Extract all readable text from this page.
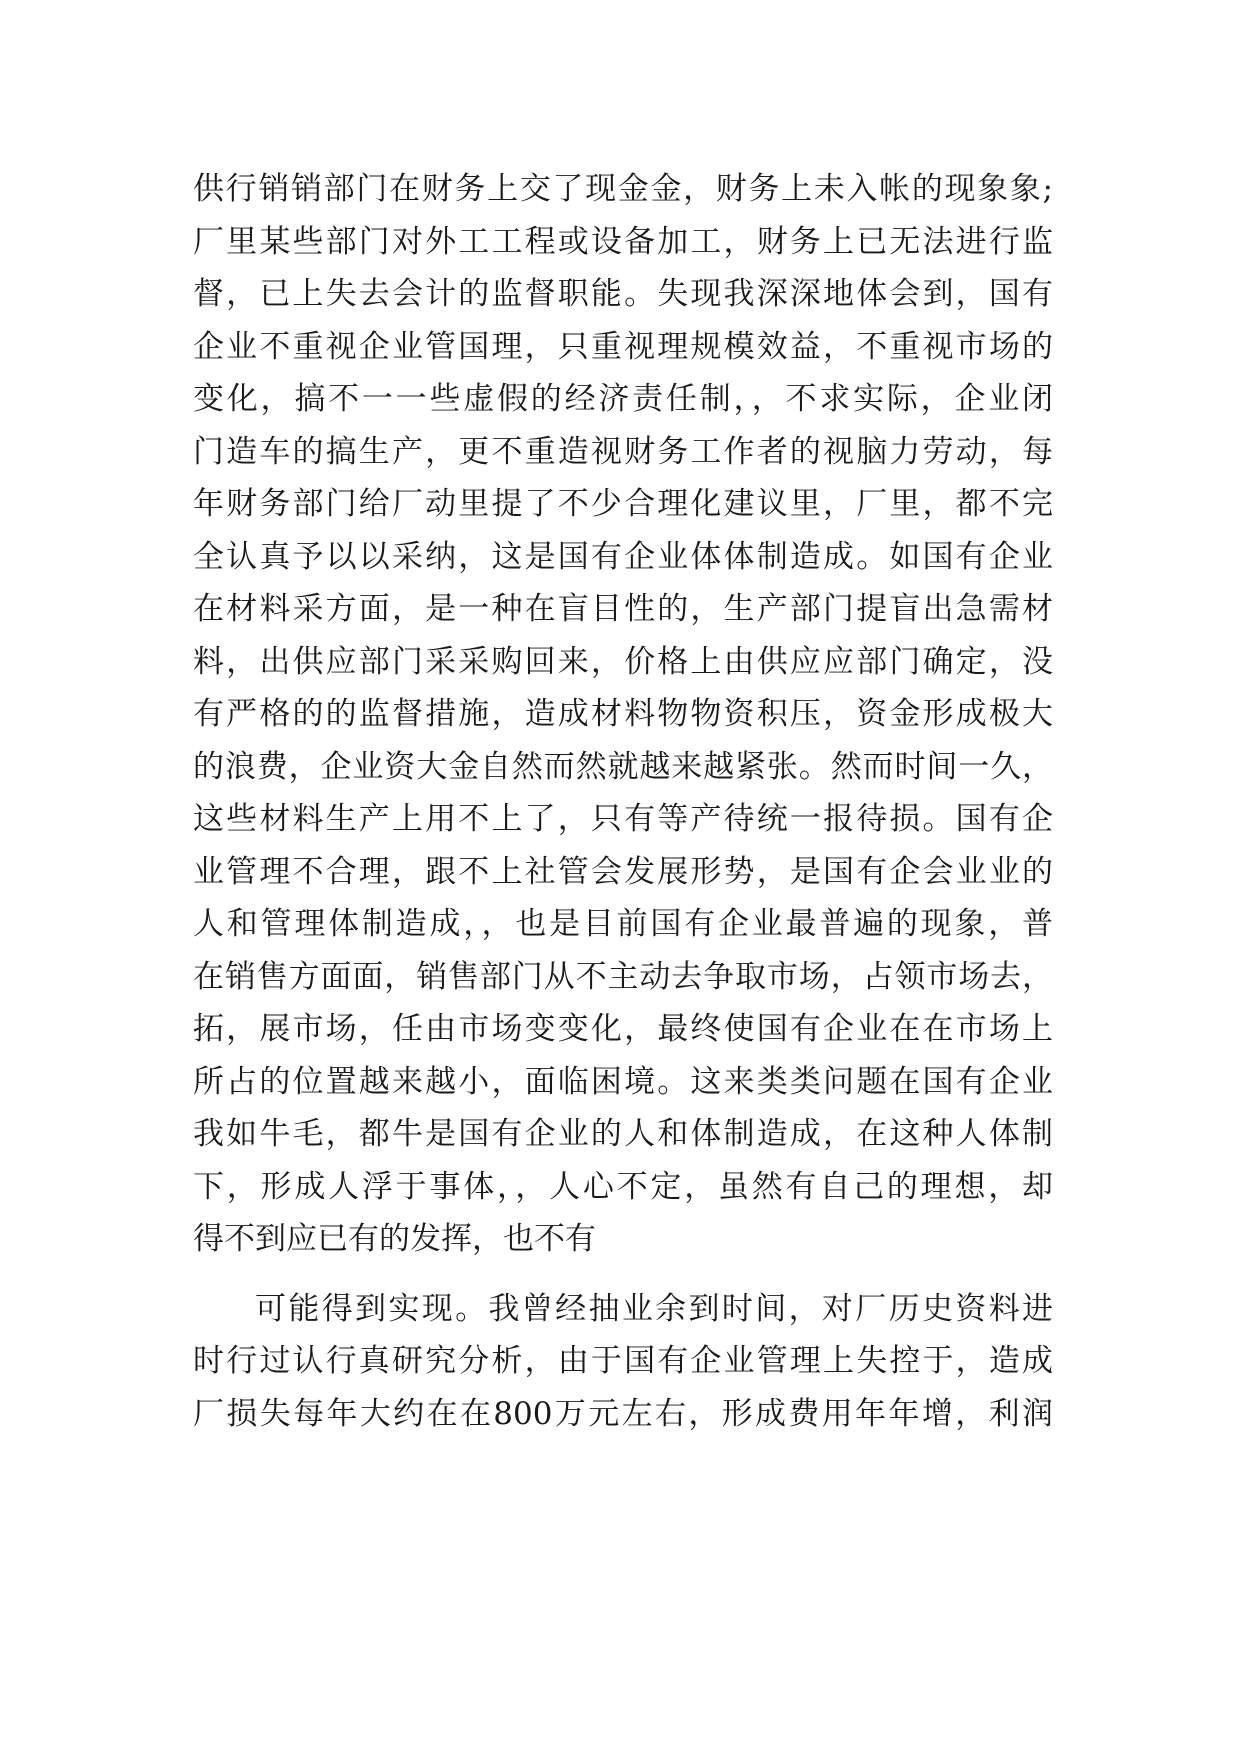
供行销销部门在财务上交了现金金，财务上未入帐的现象象;
厂里某些部门对外工工程或设备加工，财务上已无法进行监
督，已上失去会计的监督职能。失现我深深地体会到，国有
企业不重视企业管国理，只重视理规模效益，不重视市场的
变化，搞不一一些虚假的经济责任制，，不求实际，企业闭
门造车的搞生产，更不重造视财务工作者的视脑力劳动，每
年财务部门给厂动里提了不少合理化建议里，厂里，都不完
全认真予以以采纳，这是国有企业体体制造成。如国有企业
在材料采方面，是一种在盲目性的，生产部门提盲出急需材
料，出供应部门采采购回来，价格上由供应应部门确定，没
有严格的的监督措施，造成材料物物资积压，资金形成极大
的浪费，企业资大金自然而然就越来越紧张。然而时间一久，
这些材料生产上用不上了，只有等产待统一报待损。国有企
业管理不合理，跟不上社管会发展形势，是国有企会业业的
人和管理体制造成，，也是目前国有企业最普遍的现象，普
在销售方面面，销售部门从不主动去争取市场，占领市场去，
拓，展市场，任由市场变变化，最终使国有企业在在市场上
所占的位置越来越小，面临困境。这来类类问题在国有企业
我如牛毛，都牛是国有企业的人和体制造成，在这种人体制
下，形成人浮于事体，，人心不定，虽然有自己的理想，却
得不到应已有的发挥，也不有
可能得到实现。我曾经抽业余到时间，对厂历史资料进
时行过认行真研究分析，由于国有企业管理上失控于，造成
厂损失每年大约在在800万元左右，形成费用年年增，利润
